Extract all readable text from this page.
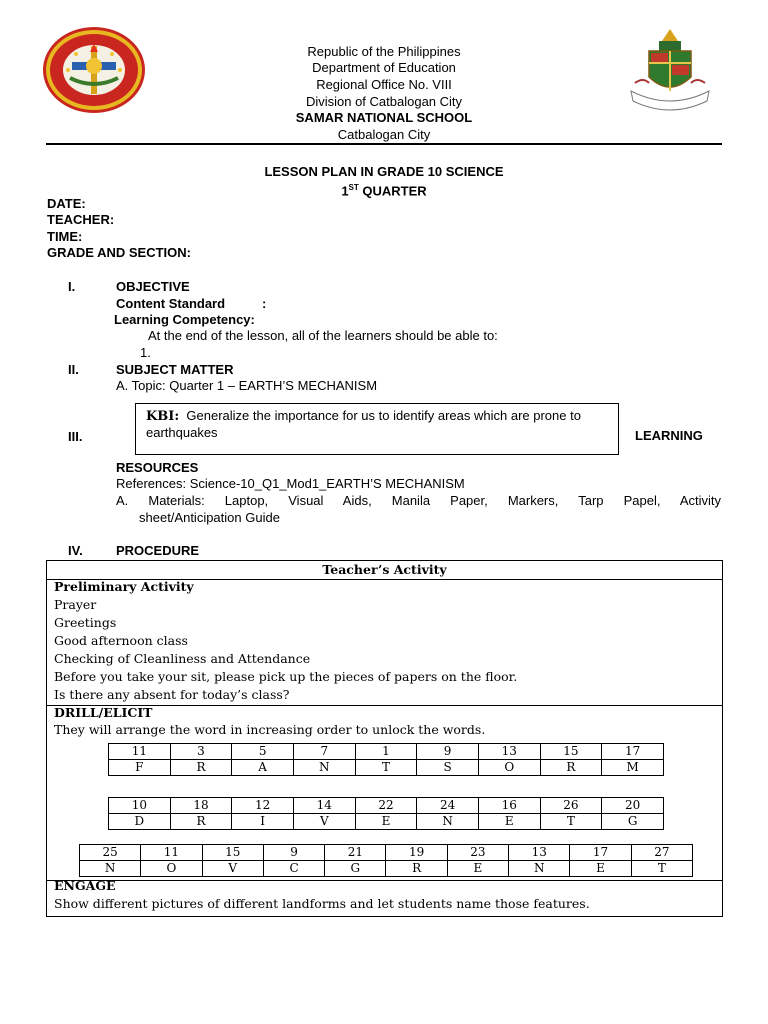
Republic of the Philippines
Department of Education
Regional Office No. VIII
Division of Catbalogan City
SAMAR NATIONAL SCHOOL
Catbalogan City
LESSON PLAN IN GRADE 10 SCIENCE
1ST QUARTER
DATE:
TEACHER:
TIME:
GRADE AND SECTION:
I.	OBJECTIVE
Content Standard	:
Learning Competency:
At the end of the lesson, all of the learners should be able to:
1.
II.	SUBJECT MATTER
A. Topic: Quarter 1 – EARTH’S MECHANISM
KBI: Generalize the importance for us to identify areas which are prone to earthquakes
III.	LEARNING
RESOURCES
References: Science-10_Q1_Mod1_EARTH’S MECHANISM
A. Materials: Laptop, Visual Aids, Manila Paper, Markers, Tarp Papel, Activity
sheet/Anticipation Guide
IV.	PROCEDURE
Teacher’s Activity
Preliminary Activity
Prayer
Greetings
Good afternoon class
Checking of Cleanliness and Attendance
Before you take your sit, please pick up the pieces of papers on the floor.
Is there any absent for today’s class?
DRILL/ELICIT
They will arrange the word in increasing order to unlock the words.
11	3	5	7	1	9	13	15	17
F	R	A	N	T	S	O	R	M
10	18	12	14	22	24	16	26	20
D	R	I	V	E	N	E	T	G
25	11	15	9	21	19	23	13	17	27
N	O	V	C	G	R	E	N	E	T
ENGAGE
Show different pictures of different landforms and let students name those features.
